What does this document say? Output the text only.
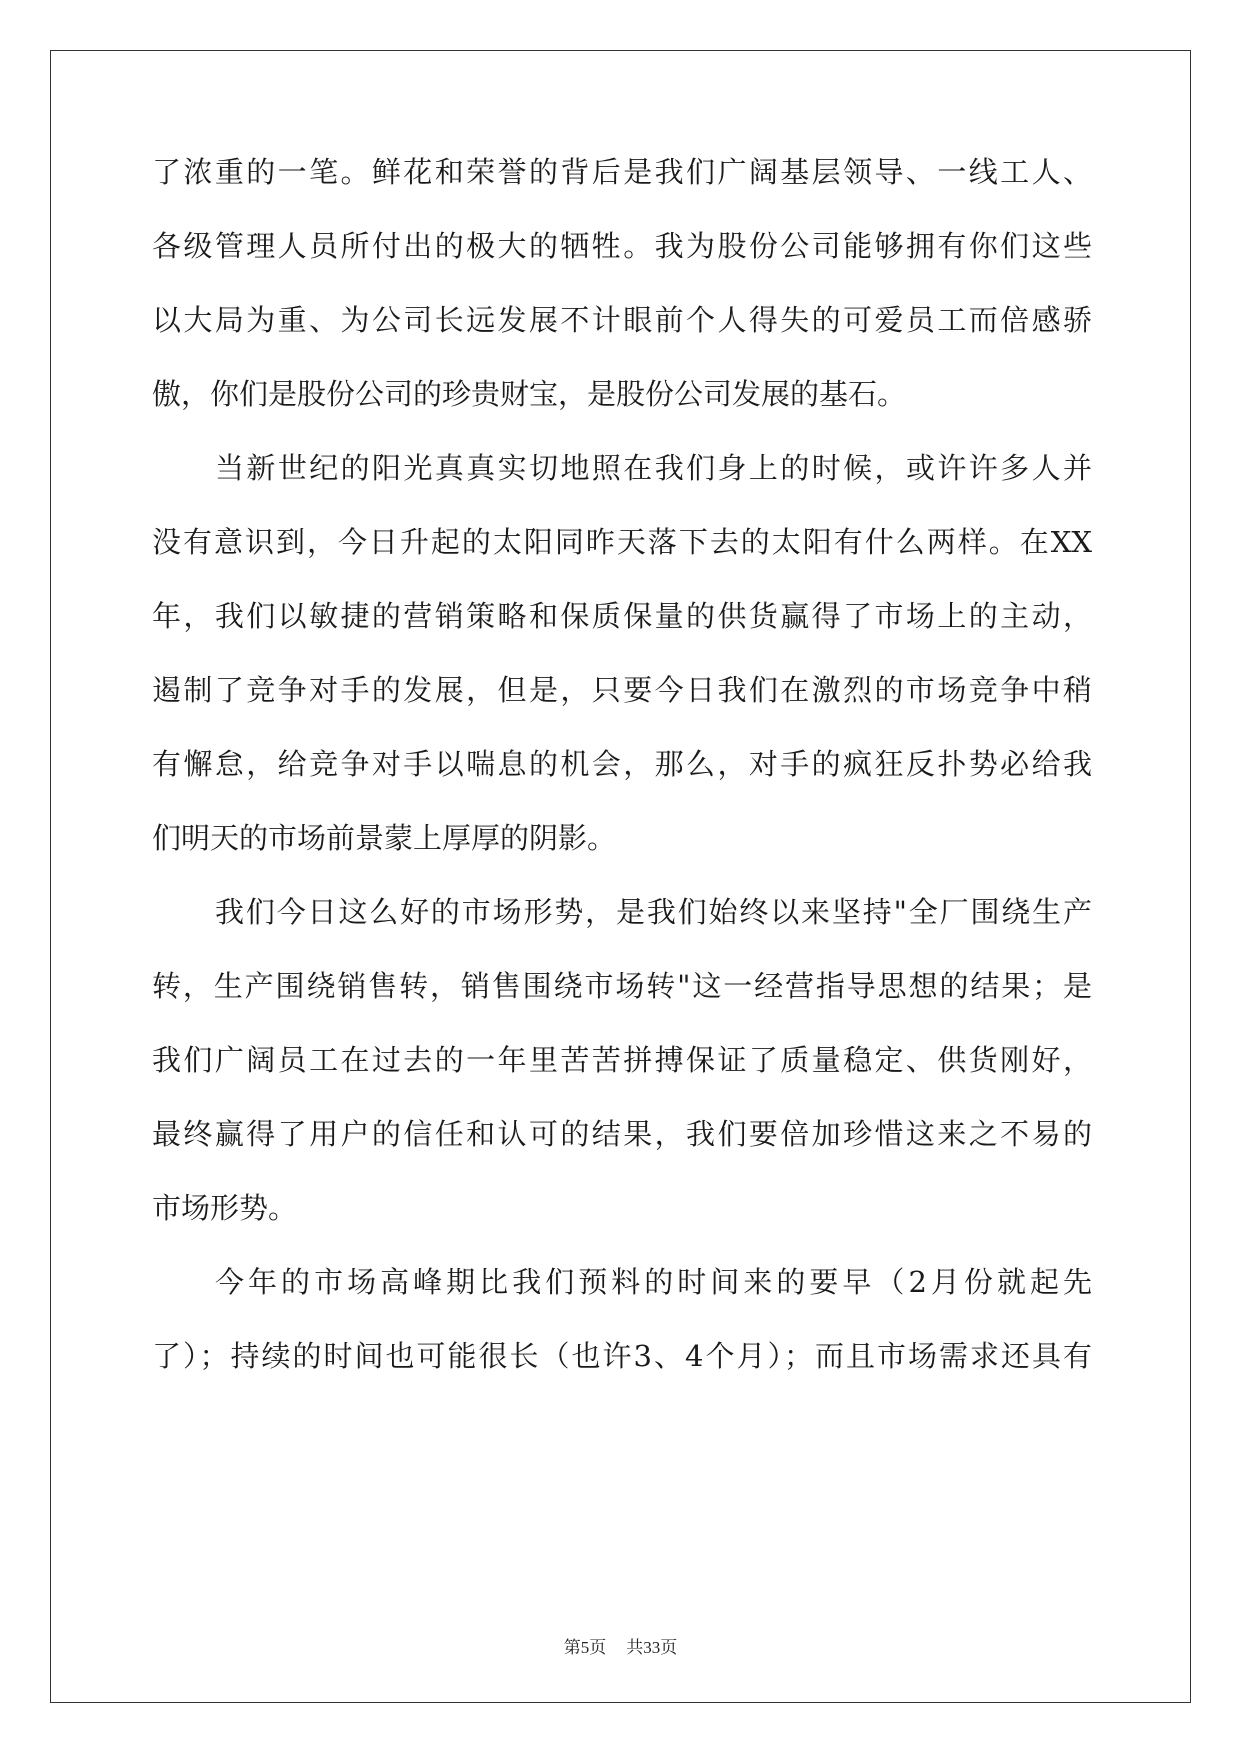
了浓重的一笔。鲜花和荣誉的背后是我们广阔基层领导、一线工人、
各级管理人员所付出的极大的牺牲。我为股份公司能够拥有你们这些
以大局为重、为公司长远发展不计眼前个人得失的可爱员工而倍感骄
傲，你们是股份公司的珍贵财宝，是股份公司发展的基石。
当新世纪的阳光真真实切地照在我们身上的时候，或许许多人并
没有意识到，今日升起的太阳同昨天落下去的太阳有什么两样。在XX
年，我们以敏捷的营销策略和保质保量的供货赢得了市场上的主动，
遏制了竞争对手的发展，但是，只要今日我们在激烈的市场竞争中稍
有懈怠，给竞争对手以喘息的机会，那么，对手的疯狂反扑势必给我
们明天的市场前景蒙上厚厚的阴影。
我们今日这么好的市场形势，是我们始终以来坚持"全厂围绕生产
转，生产围绕销售转，销售围绕市场转"这一经营指导思想的结果；是
我们广阔员工在过去的一年里苦苦拼搏保证了质量稳定、供货刚好，
最终赢得了用户的信任和认可的结果，我们要倍加珍惜这来之不易的
市场形势。
今年的市场高峰期比我们预料的时间来的要早（2月份就起先
了）；持续的时间也可能很长（也许3、4个月）；而且市场需求还具有
第5页 共33页
